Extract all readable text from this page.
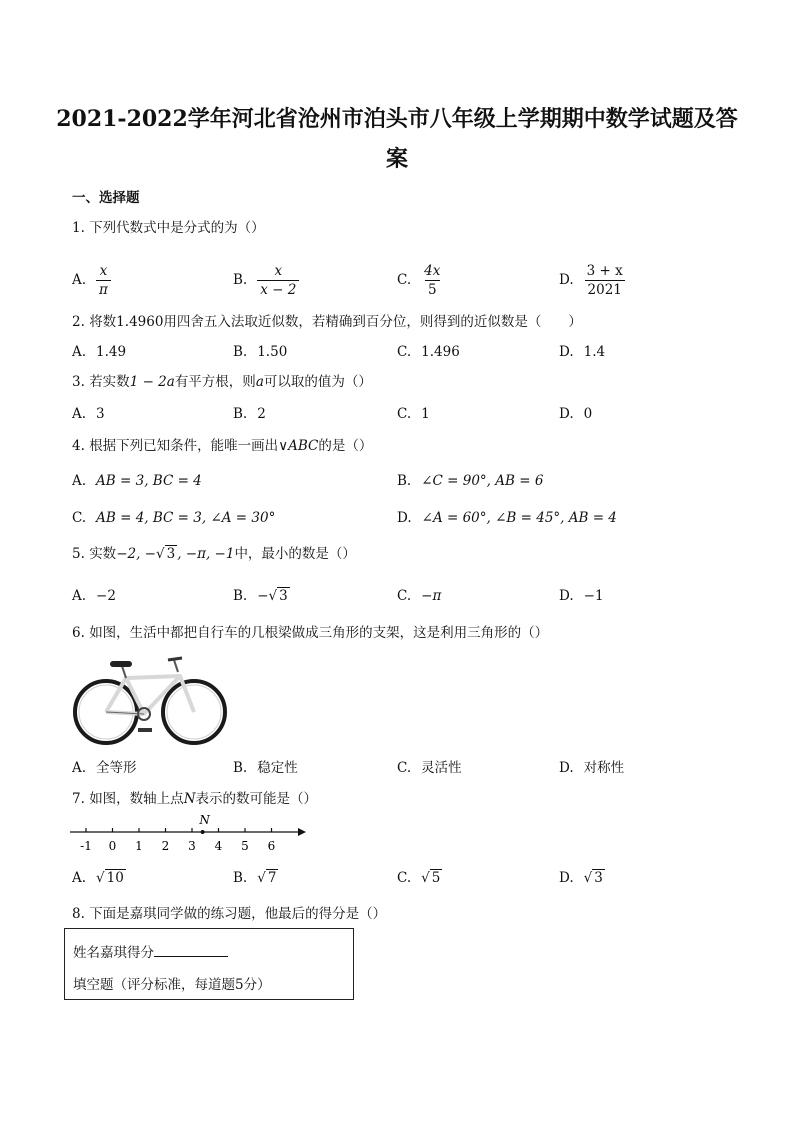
2021-2022学年河北省沧州市泊头市八年级上学期期中数学试题及答
案
一、选择题
1. 下列代数式中是分式的为（）
A. $\frac{x}{\pi}$	B. $\frac{x}{x - 2}$	C. $\frac{4x}{5}$	D. $\frac{3 + x}{2021}$
2. 将数1.4960用四舍五入法取近似数，若精确到百分位，则得到的近似数是（　　）
A. 1.49	B. 1.50	C. 1.496	D. 1.4
3. 若实数1 − 2a有平方根，则a可以取的值为（）
A. 3	B. 2	C. 1	D. 0
4. 根据下列已知条件，能唯一画出∨ABC的是（）
A. AB = 3, BC = 4	B. ∠C = 90°, AB = 6
C. AB = 4, BC = 3, ∠A = 30°	D. ∠A = 60°, ∠B = 45°, AB = 4
5. 实数−2, −√ 3 , −π, −1中，最小的数是（）
A. −2	B. −√ 3	C. −π	D. −1
6. 如图，生活中都把自行车的几根梁做成三角形的支架，这是利用三角形的（）
A. 全等形	B. 稳定性	C. 灵活性	D. 对称性
7. 如图，数轴上点N表示的数可能是（）
-1 0 1 2 3 4 5 6
N
A. √ 10	B. √ 7	C. √ 5	D. √ 3
8. 下面是嘉琪同学做的练习题，他最后的得分是（）
姓名嘉琪得分
填空题（评分标准，每道题5分）
